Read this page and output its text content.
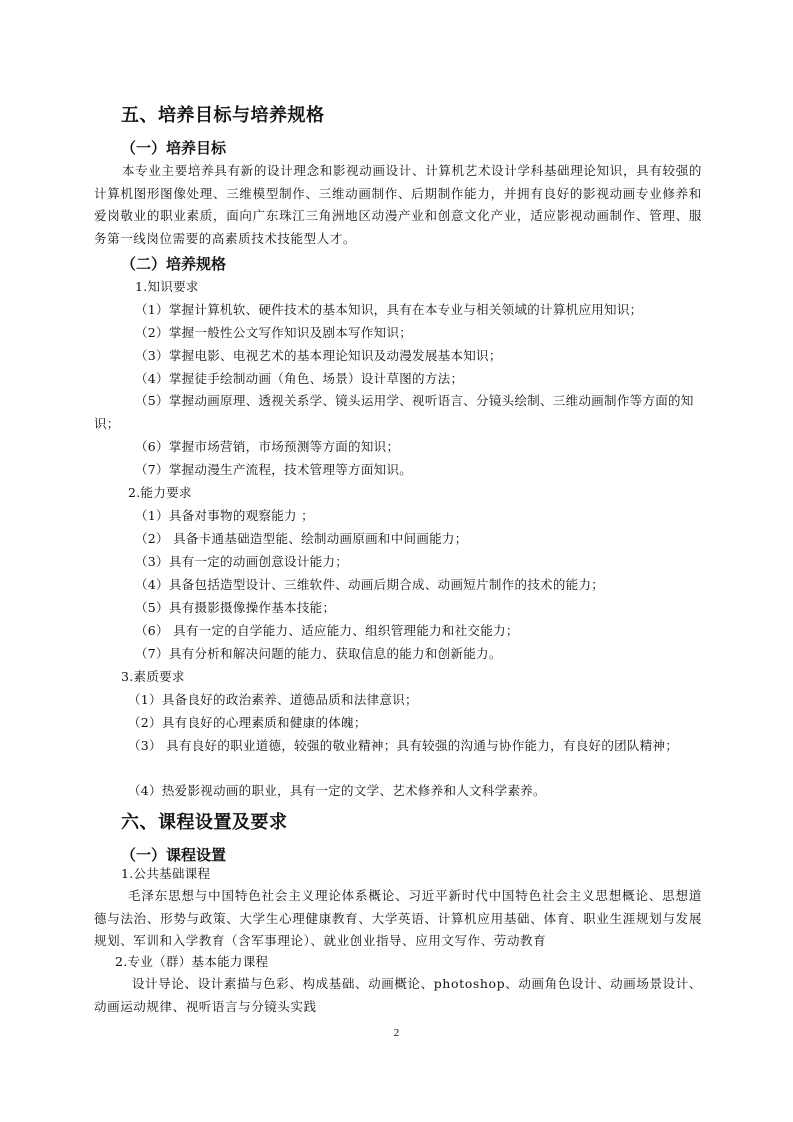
五、培养目标与培养规格
（一）培养目标

本专业主要培养具有新的设计理念和影视动画设计、计算机艺术设计学科基础理论知识，具有较强的计算机图形图像处理、三维模型制作、三维动画制作、后期制作能力，并拥有良好的影视动画专业修养和爱岗敬业的职业素质，面向广东珠江三角洲地区动漫产业和创意文化产业，适应影视动画制作、管理、服务第一线岗位需要的高素质技术技能型人才。

（二）培养规格
1.知识要求
（1）掌握计算机软、硬件技术的基本知识，具有在本专业与相关领域的计算机应用知识；
（2）掌握一般性公文写作知识及剧本写作知识；
（3）掌握电影、电视艺术的基本理论知识及动漫发展基本知识；
（4）掌握徒手绘制动画（角色、场景）设计草图的方法；

（5）掌握动画原理、透视关系学、镜头运用学、视听语言、分镜头绘制、三维动画制作等方面的知识；

（6）掌握市场营销，市场预测等方面的知识；
（7）掌握动漫生产流程，技术管理等方面知识。
2.能力要求
（1）具备对事物的观察能力 ；
（2） 具备卡通基础造型能、绘制动画原画和中间画能力；
（3）具有一定的动画创意设计能力；
（4）具备包括造型设计、三维软件、动画后期合成、动画短片制作的技术的能力；
（5）具有摄影摄像操作基本技能；
（6） 具有一定的自学能力、适应能力、组织管理能力和社交能力；
（7）具有分析和解决问题的能力、获取信息的能力和创新能力。
3.素质要求
（1）具备良好的政治素养、道德品质和法律意识；
（2）具有良好的心理素质和健康的体魄；

（3） 具有良好的职业道德，较强的敬业精神；具有较强的沟通与协作能力，有良好的团队精神；

（4）热爱影视动画的职业，具有一定的文学、艺术修养和人文科学素养。
六、课程设置及要求
（一）课程设置
1.公共基础课程

毛泽东思想与中国特色社会主义理论体系概论、习近平新时代中国特色社会主义思想概论、思想道德与法治、形势与政策、大学生心理健康教育、大学英语、计算机应用基础、体育、职业生涯规划与发展规划、军训和入学教育（含军事理论）、就业创业指导、应用文写作、劳动教育

2.专业（群）基本能力课程

设计导论、设计素描与色彩、构成基础、动画概论、photoshop、动画角色设计、动画场景设计、动画运动规律、视听语言与分镜头实践

2
